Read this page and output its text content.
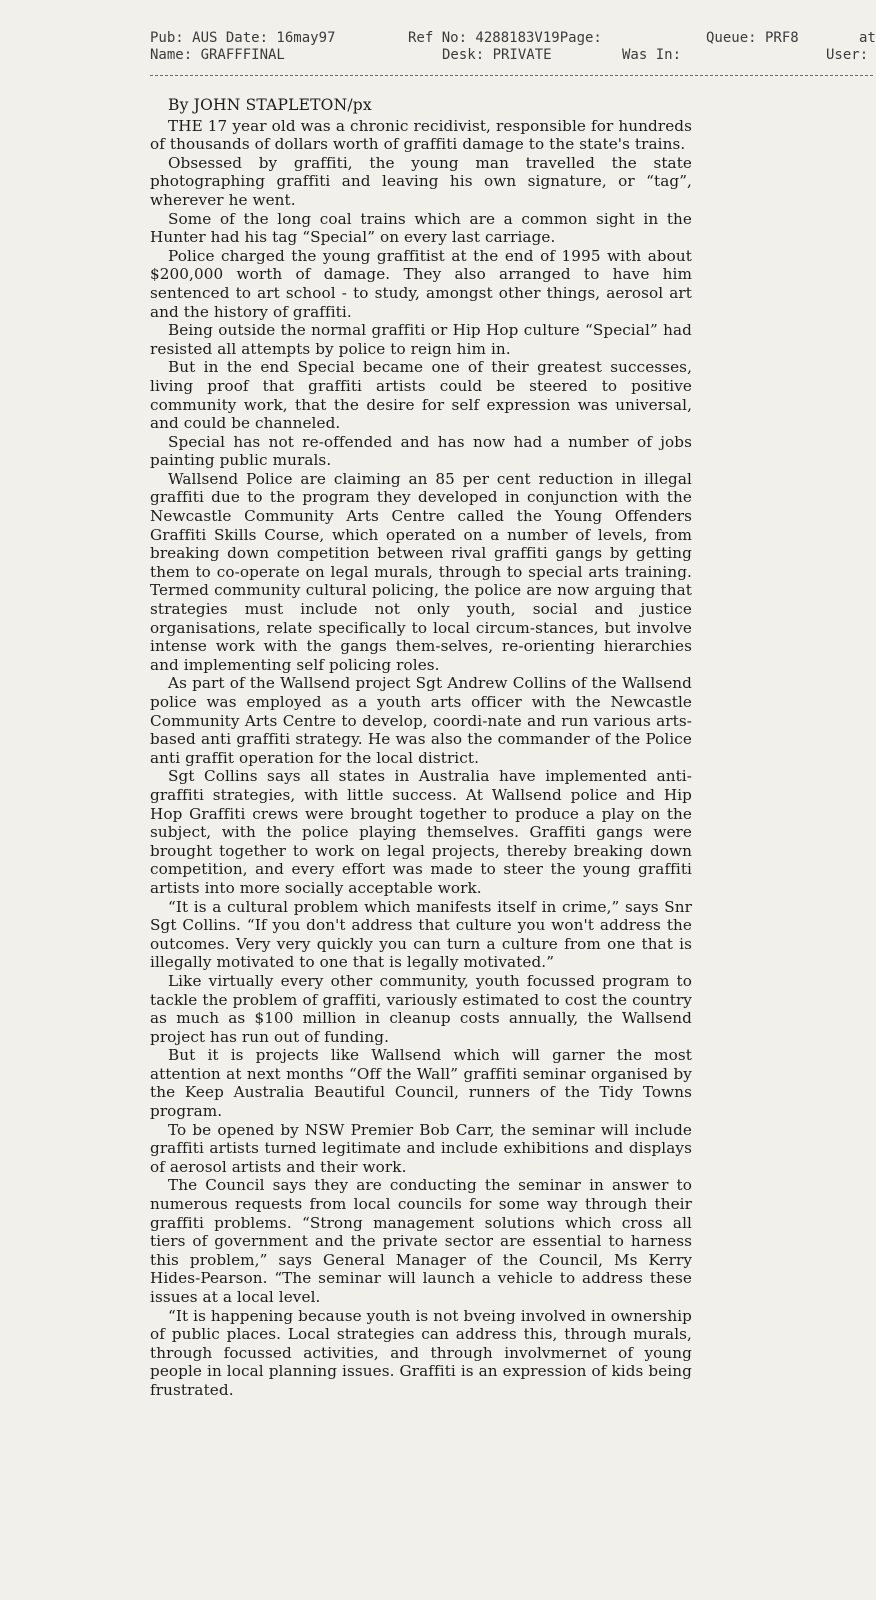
Pub: AUS Date: 16may97	Ref No: 4288183V19Page:	Queue: PRF8	at
Name: GRAFFFINAL	Desk: PRIVATE	Was In:	User:
By JOHN STAPLETON/px

THE 17 year old was a chronic recidivist, responsible for hundreds of thousands of dollars worth of graffiti damage to the state's trains.

Obsessed by graffiti, the young man travelled the state photographing graffiti and leaving his own signature, or “tag”, wherever he went.

Some of the long coal trains which are a common sight in the Hunter had his tag “Special” on every last carriage.

Police charged the young graffitist at the end of 1995 with about $200,000 worth of damage. They also arranged to have him sentenced to art school - to study, amongst other things, aerosol art and the history of graffiti.

Being outside the normal graffiti or Hip Hop culture “Special” had resisted all attempts by police to reign him in.

But in the end Special became one of their greatest successes, living proof that graffiti artists could be steered to positive community work, that the desire for self expression was universal, and could be channeled.

Special has not re-offended and has now had a number of jobs painting public murals.

Wallsend Police are claiming an 85 per cent reduction in illegal graffiti due to the program they developed in conjunction with the Newcastle Community Arts Centre called the Young Offenders Graffiti Skills Course, which operated on a number of levels, from breaking down competition between rival graffiti gangs by getting them to co-operate on legal murals, through to special arts training. Termed community cultural policing, the police are now arguing that strategies must include not only youth, social and justice organisations, relate specifically to local circum-stances, but involve intense work with the gangs them-selves, re-orienting hierarchies and implementing self policing roles.

As part of the Wallsend project Sgt Andrew Collins of the Wallsend police was employed as a youth arts officer with the Newcastle Community Arts Centre to develop, coordi-nate and run various arts-based anti graffiti strategy. He was also the commander of the Police anti graffit operation for the local district.

Sgt Collins says all states in Australia have implemented anti-graffiti strategies, with little success. At Wallsend police and Hip Hop Graffiti crews were brought together to produce a play on the subject, with the police playing themselves. Graffiti gangs were brought together to work on legal projects, thereby breaking down competition, and every effort was made to steer the young graffiti artists into more socially acceptable work.

“It is a cultural problem which manifests itself in crime,” says Snr Sgt Collins. “If you don't address that culture you won't address the outcomes. Very very quickly you can turn a culture from one that is illegally motivated to one that is legally motivated.”

Like virtually every other community, youth focussed program to tackle the problem of graffiti, variously estimated to cost the country as much as $100 million in cleanup costs annually, the Wallsend project has run out of funding.

But it is projects like Wallsend which will garner the most attention at next months “Off the Wall” graffiti seminar organised by the Keep Australia Beautiful Council, runners of the Tidy Towns program.

To be opened by NSW Premier Bob Carr, the seminar will include graffiti artists turned legitimate and include exhibitions and displays of aerosol artists and their work.

The Council says they are conducting the seminar in answer to numerous requests from local councils for some way through their graffiti problems. “Strong management solutions which cross all tiers of government and the private sector are essential to harness this problem,” says General Manager of the Council, Ms Kerry Hides-Pearson. “The seminar will launch a vehicle to address these issues at a local level.

“It is happening because youth is not bveing involved in ownership of public places. Local strategies can address this, through murals, through focussed activities, and through involvmernet of young people in local planning issues. Graffiti is an expression of kids being frustrated.
